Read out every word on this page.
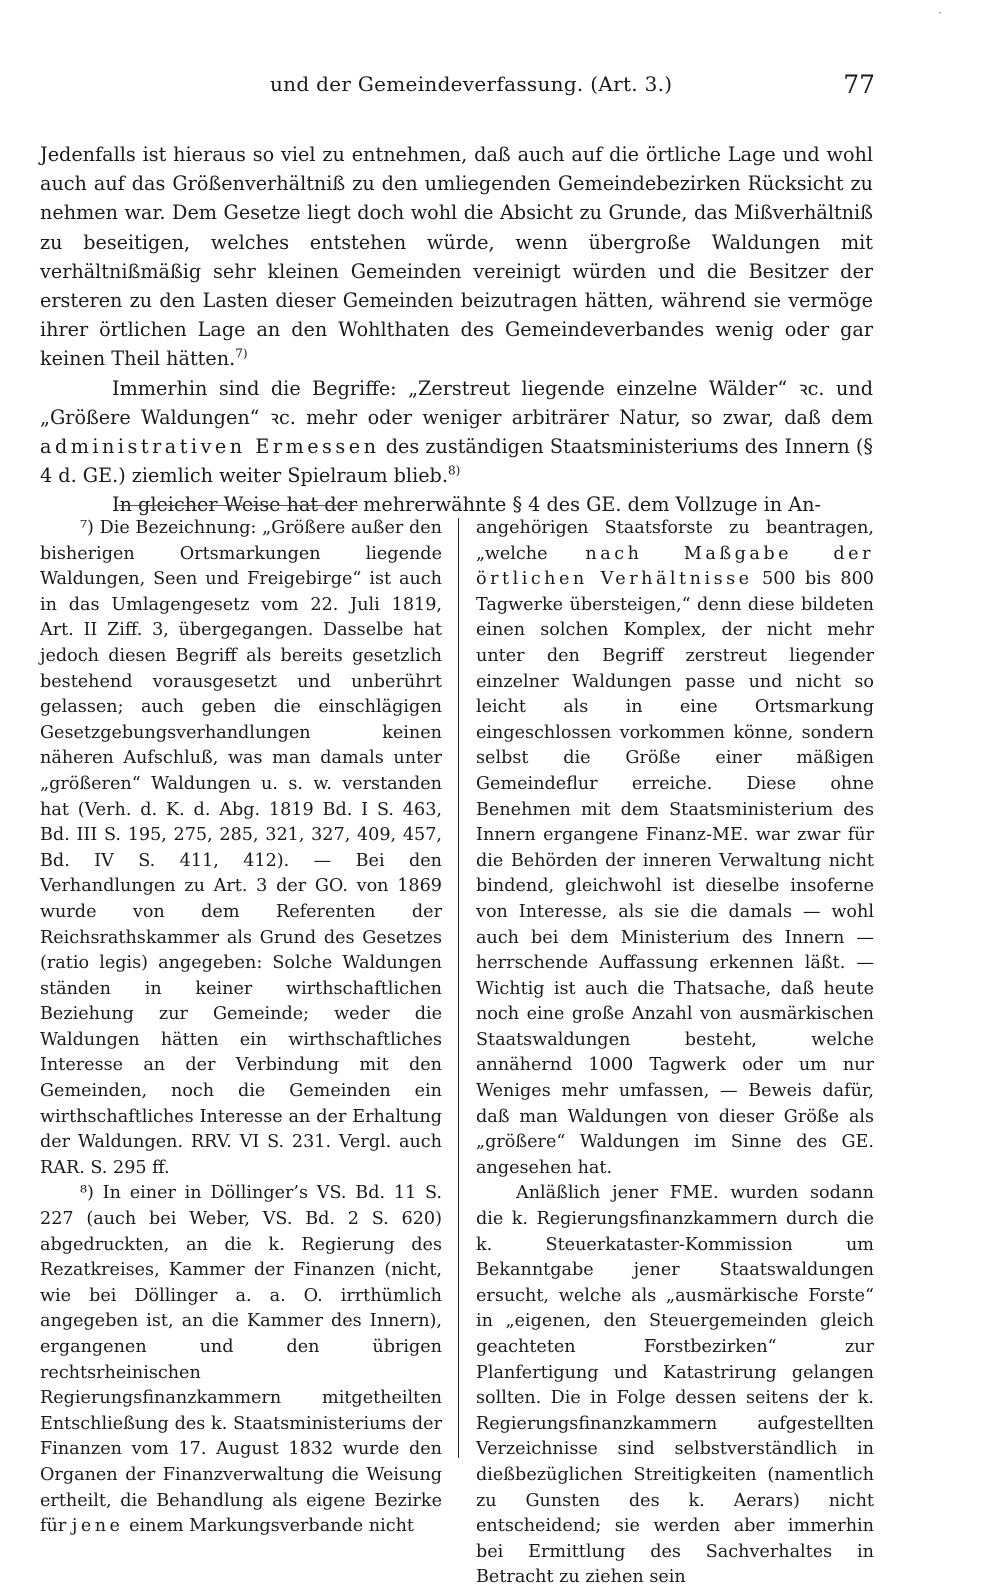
·
und der Gemeindeverfassung. (Art. 3.)	77

Jedenfalls ist hieraus so viel zu entnehmen, daß auch auf die örtliche Lage und wohl auch auf das Größenverhältniß zu den umliegenden Gemeindebezirken Rücksicht zu nehmen war. Dem Gesetze liegt doch wohl die Absicht zu Grunde, das Mißverhältniß zu beseitigen, welches entstehen würde, wenn übergroße Waldungen mit verhältnißmäßig sehr kleinen Gemeinden vereinigt würden und die Besitzer der ersteren zu den Lasten dieser Gemeinden beizutragen hätten, während sie vermöge ihrer örtlichen Lage an den Wohlthaten des Gemeindeverbandes wenig oder gar keinen Theil hätten.$^{7)}$

Immerhin sind die Begriffe: „Zerstreut liegende einzelne Wälder“ ꝛc. und „Größere Waldungen“ ꝛc. mehr oder weniger arbiträrer Natur, so zwar, daß dem administrativen Ermessen des zuständigen Staatsministeriums des Innern (§ 4 d. GE.) ziemlich weiter Spielraum blieb.$^{8)}$

In gleicher Weise hat der mehrerwähnte § 4 des GE. dem Vollzuge in An-

⁷) Die Bezeichnung: „Größere außer den bisherigen Ortsmarkungen liegende Waldungen, Seen und Freigebirge“ ist auch in das Umlagengesetz vom 22. Juli 1819, Art. II Ziff. 3, übergegangen. Dasselbe hat jedoch diesen Begriff als bereits gesetzlich bestehend vorausgesetzt und unberührt gelassen; auch geben die einschlägigen Gesetzgebungsverhandlungen keinen näheren Aufschluß, was man damals unter „größeren“ Waldungen u. s. w. verstanden hat (Verh. d. K. d. Abg. 1819 Bd. I S. 463, Bd. III S. 195, 275, 285, 321, 327, 409, 457, Bd. IV S. 411, 412). — Bei den Verhandlungen zu Art. 3 der GO. von 1869 wurde von dem Referenten der Reichsrathskammer als Grund des Gesetzes (ratio legis) angegeben: Solche Waldungen ständen in keiner wirthschaftlichen Beziehung zur Gemeinde; weder die Waldungen hätten ein wirthschaftliches Interesse an der Verbindung mit den Gemeinden, noch die Gemeinden ein wirthschaftliches Interesse an der Erhaltung der Waldungen. RRV. VI S. 231. Vergl. auch RAR. S. 295 ff.

⁸) In einer in Döllinger’s VS. Bd. 11 S. 227 (auch bei Weber, VS. Bd. 2 S. 620) abgedruckten, an die k. Regierung des Rezatkreises, Kammer der Finanzen (nicht, wie bei Döllinger a. a. O. irrthümlich angegeben ist, an die Kammer des Innern), ergangenen und den übrigen rechtsrheinischen Regierungsfinanzkammern mitgetheilten Entschließung des k. Staatsministeriums der Finanzen vom 17. August 1832 wurde den Organen der Finanzverwaltung die Weisung ertheilt, die Behandlung als eigene Bezirke für jene einem Markungsverbande nicht

angehörigen Staatsforste zu beantragen, „welche nach Maßgabe der örtlichen Verhältnisse 500 bis 800 Tagwerke übersteigen,“ denn diese bildeten einen solchen Komplex, der nicht mehr unter den Begriff zerstreut liegender einzelner Waldungen passe und nicht so leicht als in eine Ortsmarkung eingeschlossen vorkommen könne, sondern selbst die Größe einer mäßigen Gemeindeflur erreiche. Diese ohne Benehmen mit dem Staatsministerium des Innern ergangene Finanz-ME. war zwar für die Behörden der inneren Verwaltung nicht bindend, gleichwohl ist dieselbe insoferne von Interesse, als sie die damals — wohl auch bei dem Ministerium des Innern — herrschende Auffassung erkennen läßt. — Wichtig ist auch die Thatsache, daß heute noch eine große Anzahl von ausmärkischen Staatswaldungen besteht, welche annähernd 1000 Tagwerk oder um nur Weniges mehr umfassen, — Beweis dafür, daß man Waldungen von dieser Größe als „größere“ Waldungen im Sinne des GE. angesehen hat.

Anläßlich jener FME. wurden sodann die k. Regierungsfinanzkammern durch die k. Steuerkataster-Kommission um Bekanntgabe jener Staatswaldungen ersucht, welche als „ausmärkische Forste“ in „eigenen, den Steuergemeinden gleich geachteten Forstbezirken“ zur Planfertigung und Katastrirung gelangen sollten. Die in Folge dessen seitens der k. Regierungsfinanzkammern aufgestellten Verzeichnisse sind selbstverständlich in dießbezüglichen Streitigkeiten (namentlich zu Gunsten des k. Aerars) nicht entscheidend; sie werden aber immerhin bei Ermittlung des Sachverhaltes in Betracht zu ziehen sein
